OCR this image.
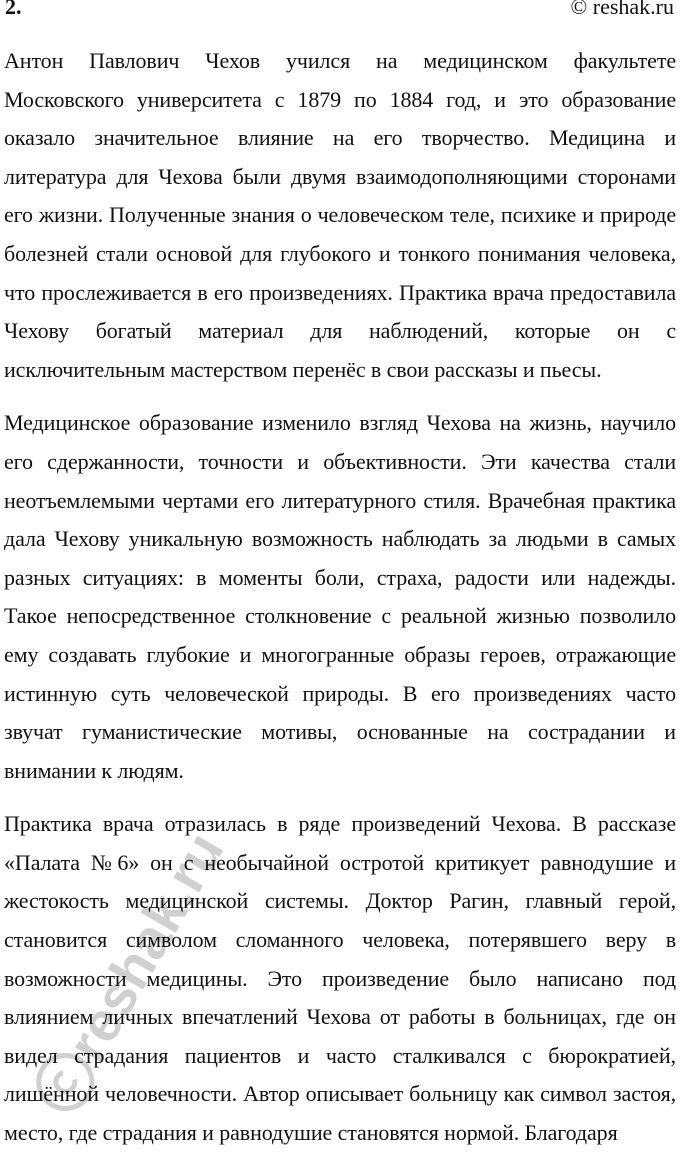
2.	© reshak.ru

Антон Павлович Чехов учился на медицинском факультете Московского университета с 1879 по 1884 год, и это образование оказало значительное влияние на его творчество. Медицина и литература для Чехова были двумя взаимодополняющими сторонами его жизни. Полученные знания о человеческом теле, психике и природе болезней стали основой для глубокого и тонкого понимания человека, что прослеживается в его произведениях. Практика врача предоставила Чехову богатый материал для наблюдений, которые он с исключительным мастерством перенёс в свои рассказы и пьесы.

Медицинское образование изменило взгляд Чехова на жизнь, научило его сдержанности, точности и объективности. Эти качества стали неотъемлемыми чертами его литературного стиля. Врачебная практика дала Чехову уникальную возможность наблюдать за людьми в самых разных ситуациях: в моменты боли, страха, радости или надежды. Такое непосредственное столкновение с реальной жизнью позволило ему создавать глубокие и многогранные образы героев, отражающие истинную суть человеческой природы. В его произведениях часто звучат гуманистические мотивы, основанные на сострадании и внимании к людям.

Практика врача отразилась в ряде произведений Чехова. В рассказе «Палата №6» он с необычайной остротой критикует равнодушие и жестокость медицинской системы. Доктор Рагин, главный герой, становится символом сломанного человека, потерявшего веру в возможности медицины. Это произведение было написано под влиянием личных впечатлений Чехова от работы в больницах, где он видел страдания пациентов и часто сталкивался с бюрократией, лишённой человечности. Автор описывает больницу как символ застоя, место, где страдания и равнодушие становятся нормой. Благодаря

reshak.ru
